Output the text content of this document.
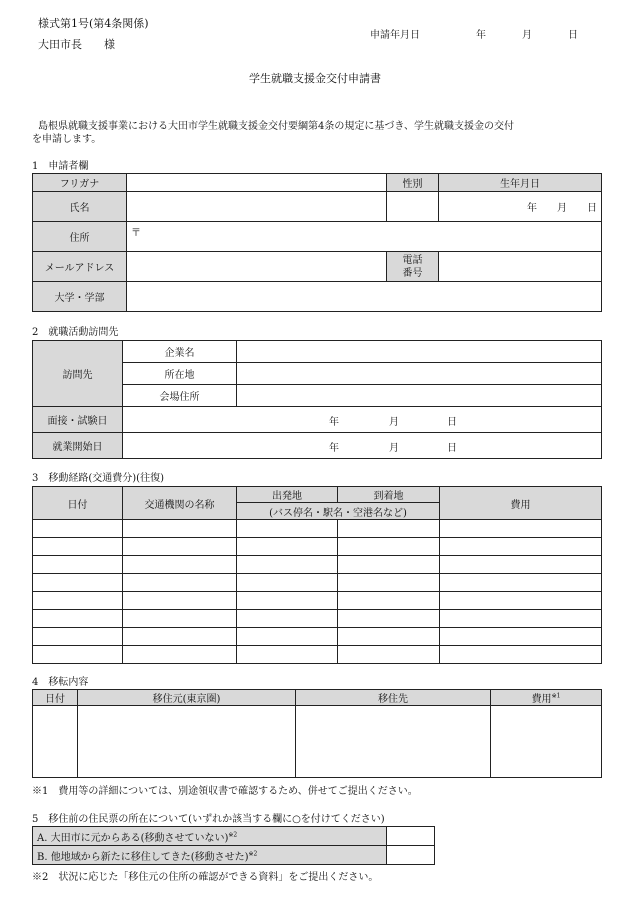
様式第1号(第4条関係)
大田市長　　様
申請年月日	年	月	日
学生就職支援金交付申請書
島根県就職支援事業における大田市学生就職支援金交付要綱第4条の規定に基づき、学生就職支援金の交付
を申請します。
1　申請者欄
フリガナ		性別	生年月日
氏名			年　　月　　日
住所	〒		
メールアドレス		電話
番号	
大学・学部			
2　就職活動訪問先
訪問先	企業名	
	所在地	
	会場住所	
面接・試験日	年 月 日	

就業開始日	年 月 日	
3　移動経路(交通費分)(往復)
日付	交通機関の名称	出発地	到着地	費用
		(バス停名・駅名・空港名など)		

4　移転内容
日付	移住元(東京圏)	移住先	費用$^{※1}$

※1　費用等の詳細については、別途領収書で確認するため、併せてご提出ください。
5　移住前の住民票の所在について(いずれか該当する欄に○を付けてください)
A. 大田市に元からある(移動させていない)$^{※2}$	
B. 他地域から新たに移住してきた(移動させた)$^{※2}$	
※2　状況に応じた「移住元の住所の確認ができる資料」をご提出ください。
